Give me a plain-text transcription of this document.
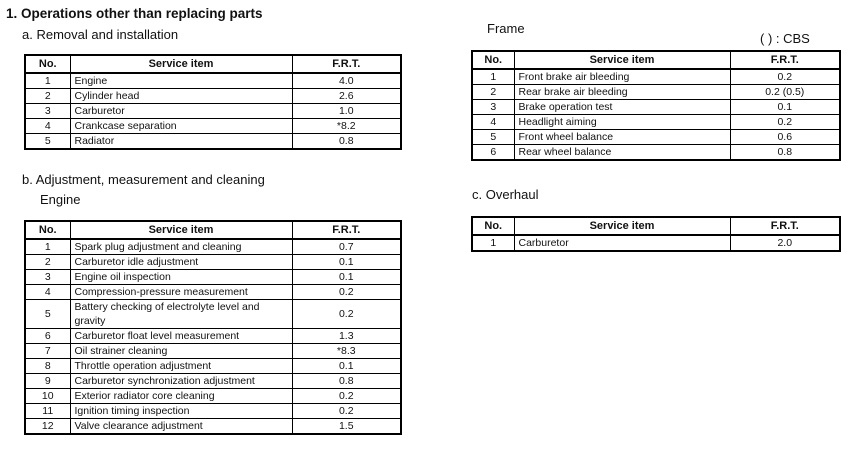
1. Operations other than replacing parts
a. Removal and installation
No.	Service item	F.R.T.
1	Engine	4.0
2	Cylinder head	2.6
3	Carburetor	1.0
4	Crankcase separation	*8.2
5	Radiator	0.8
b. Adjustment, measurement and cleaning
Engine
No.	Service item	F.R.T.
1	Spark plug adjustment and cleaning	0.7
2	Carburetor idle adjustment	0.1
3	Engine oil inspection	0.1
4	Compression-pressure measurement	0.2
5	Battery checking of electrolyte level and gravity	0.2
6	Carburetor float level measurement	1.3
7	Oil strainer cleaning	*8.3
8	Throttle operation adjustment	0.1
9	Carburetor synchronization adjustment	0.8
10	Exterior radiator core cleaning	0.2
11	Ignition timing inspection	0.2
12	Valve clearance adjustment	1.5
Frame
( ) : CBS
No.	Service item	F.R.T.
1	Front brake air bleeding	0.2
2	Rear brake air bleeding	0.2 (0.5)
3	Brake operation test	0.1
4	Headlight aiming	0.2
5	Front wheel balance	0.6
6	Rear wheel balance	0.8
c. Overhaul
No.	Service item	F.R.T.
1	Carburetor	2.0
